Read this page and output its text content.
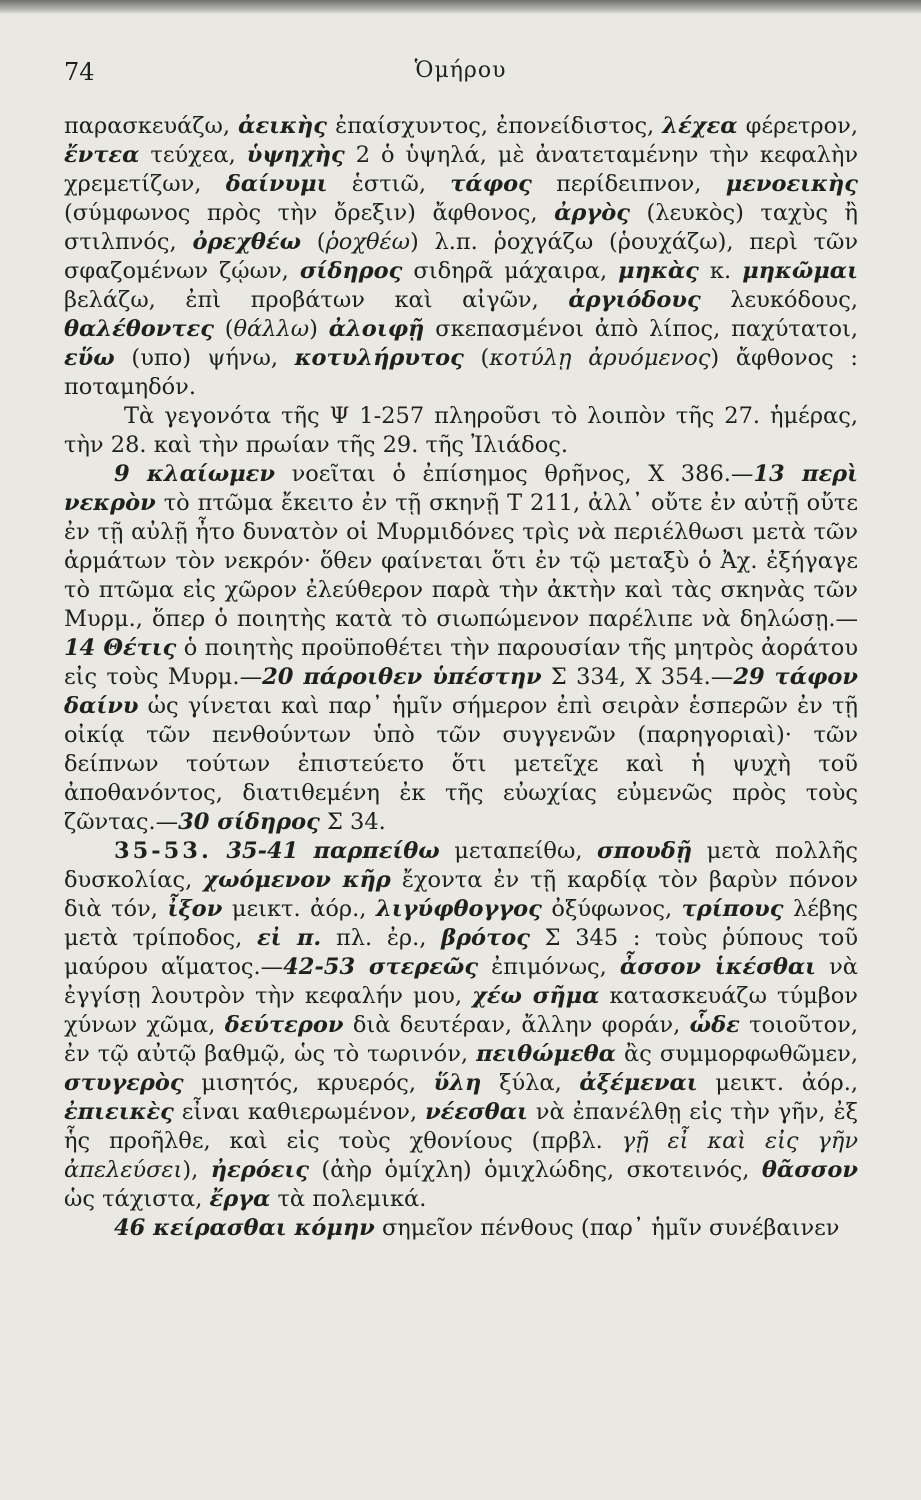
74	Ὁμήρου

παρασκευάζω, ἀεικὴς ἐπαίσχυντος, ἐπονείδιστος, λέχεα φέρετρον, ἔντεα τεύχεα, ὑψηχὴς 2 ὁ ὑψηλά, μὲ ἀνατεταμένην τὴν κεφαλὴν χρεμετίζων, δαίνυμι ἑστιῶ, τάφος περίδειπνον, μενοεικὴς (σύμφωνος πρὸς τὴν ὄρεξιν) ἄφθονος, ἀργὸς (λευκὸς) ταχὺς ἢ στιλπνός, ὀρεχθέω (ῥοχθέω) λ.π. ῥοχγάζω (ῥουχάζω), περὶ τῶν σφαζομένων ζῴων, σίδηρος σιδηρᾶ μάχαιρα, μηκὰς κ. μηκῶμαι βελάζω, ἐπὶ προβάτων καὶ αἰγῶν, ἀργιόδους λευκόδους, θαλέθοντες (θάλλω) ἀλοιφῇ σκεπασμένοι ἀπὸ λίπος, παχύτατοι, εὕω (υπο) ψήνω, κοτυλήρυτος (κοτύλῃ ἀρυόμενος) ἄφθονος : ποταμηδόν.

Τὰ γεγονότα τῆς Ψ 1-257 πληροῦσι τὸ λοιπὸν τῆς 27. ἡμέρας, τὴν 28. καὶ τὴν πρωίαν τῆς 29. τῆς Ἰλιάδος.

9 κλαίωμεν νοεῖται ὁ ἐπίσημος θρῆνος, Χ 386.—13 περὶ νεκρὸν τὸ πτῶμα ἔκειτο ἐν τῇ σκηνῇ Τ 211, ἀλλ᾿ οὔτε ἐν αὐτῇ οὔτε ἐν τῇ αὐλῇ ἦτο δυνατὸν οἱ Μυρμιδόνες τρὶς νὰ περιέλθωσι μετὰ τῶν ἁρμάτων τὸν νεκρόν· ὅθεν φαίνεται ὅτι ἐν τῷ μεταξὺ ὁ Ἀχ. ἐξήγαγε τὸ πτῶμα εἰς χῶρον ἐλεύθερον παρὰ τὴν ἀκτὴν καὶ τὰς σκηνὰς τῶν Μυρμ., ὅπερ ὁ ποιητὴς κατὰ τὸ σιωπώμενον παρέλιπε νὰ δηλώσῃ.—14 Θέτις ὁ ποιητὴς προϋποθέτει τὴν παρουσίαν τῆς μητρὸς ἀοράτου εἰς τοὺς Μυρμ.—20 πάροιθεν ὑπέστην Σ 334, Χ 354.—29 τάφον δαίνυ ὡς γίνεται καὶ παρ᾿ ἡμῖν σήμερον ἐπὶ σειρὰν ἑσπερῶν ἐν τῇ οἰκίᾳ τῶν πενθούντων ὑπὸ τῶν συγγενῶν (παρηγοριαὶ)· τῶν δείπνων τούτων ἐπιστεύετο ὅτι μετεῖχε καὶ ἡ ψυχὴ τοῦ ἀποθανόντος, διατιθεμένη ἐκ τῆς εὐωχίας εὐμενῶς πρὸς τοὺς ζῶντας.—30 σίδηρος Σ 34.

35-53. 35-41 παρπείθω μεταπείθω, σπουδῇ μετὰ πολλῆς δυσκολίας, χωόμενον κῆρ ἔχοντα ἐν τῇ καρδίᾳ τὸν βαρὺν πόνον διὰ τόν, ἶξον μεικτ. ἀόρ., λιγύφθογγος ὀξύφωνος, τρίπους λέβης μετὰ τρίποδος, εἰ π. πλ. ἐρ., βρότος Σ 345 : τοὺς ῥύπους τοῦ μαύρου αἵματος.—42-53 στερεῶς ἐπιμόνως, ἆσσον ἱκέσθαι νὰ ἐγγίσῃ λουτρὸν τὴν κεφαλήν μου, χέω σῆμα κατασκευάζω τύμβον χύνων χῶμα, δεύτερον διὰ δευτέραν, ἄλλην φοράν, ὧδε τοιοῦτον, ἐν τῷ αὐτῷ βαθμῷ, ὡς τὸ τωρινόν, πειθώμεθα ἂς συμμορφωθῶμεν, στυγερὸς μισητός, κρυερός, ὕλη ξύλα, ἀξέμεναι μεικτ. ἀόρ., ἐπιεικὲς εἶναι καθιερωμένον, νέεσθαι νὰ ἐπανέλθῃ εἰς τὴν γῆν, ἐξ ἧς προῆλθε, καὶ εἰς τοὺς χθονίους (πρβλ. γῇ εἶ καὶ εἰς γῆν ἀπελεύσει), ἠερόεις (ἀὴρ ὁμίχλη) ὁμιχλώδης, σκοτεινός, θᾶσσον ὡς τάχιστα, ἔργα τὰ πολεμικά.

46 κείρασθαι κόμην σημεῖον πένθους (παρ᾿ ἡμῖν συνέβαινεν
